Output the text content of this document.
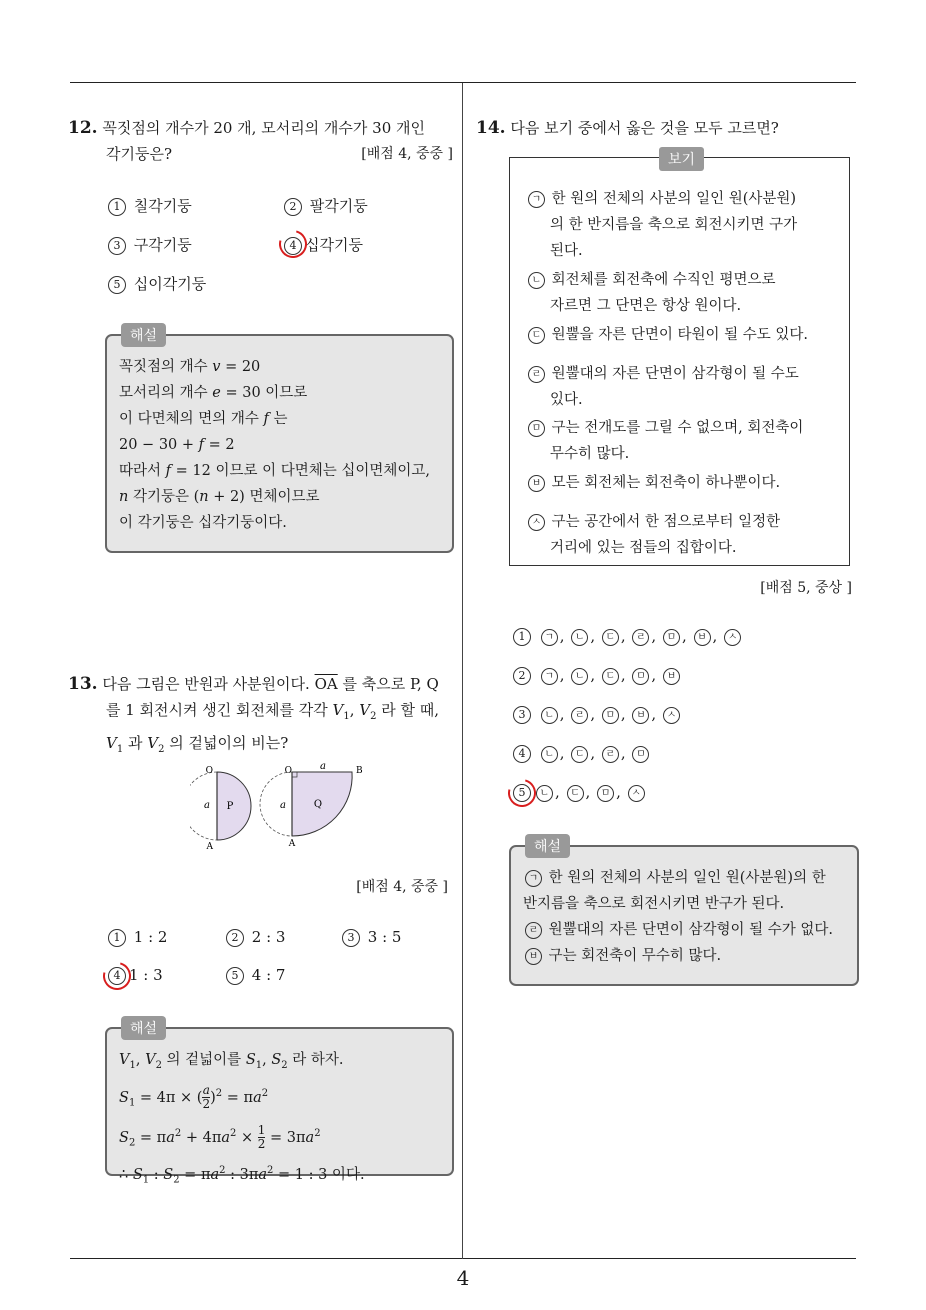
4
12. 꼭짓점의 개수가 20 개, 모서리의 개수가 30 개인
각기둥은?	[배점 4, 중중 ]
1 칠각기둥	2 팔각기둥
3 구각기둥	4 십각기둥
5 십이각기둥
해설
꼭짓점의 개수 v = 20
모서리의 개수 e = 30 이므로
이 다면체의 면의 개수 f 는
20 − 30 + f = 2
따라서 f = 12 이므로 이 다면체는 십이면체이고,
n 각기둥은 (n + 2) 면체이므로
이 각기둥은 십각기둥이다.
13. 다음 그림은 반원과 사분원이다. $\overline{OA}$ 를 축으로 P, Q
를 1 회전시켜 생긴 회전체를 각각 $V_1$, $V_2$ 라 할 때,
$V_1$ 과 $V_2$ 의 겉넓이의 비는?
O
A
a P
O
A
B
a
a	Q
[배점 4, 중중 ]
1 1 : 2	2 2 : 3	3 3 : 5
4 1 : 3	5 4 : 7
해설
$V_1$, $V_2$ 의 겉넓이를 $S_1$, $S_2$ 라 하자.
$S_1 = 4\pi \times (\frac{a}{2} )^2 = \pi a^2$
$S_2 = \pi a^2 + 4\pi a^2 \times 1$

$2 = 3\pi a^2$
∴ $S_1$ : $S_2 = \pi a^2$ : $3\pi a^2 = 1$ : 3 이다.
14. 다음 보기 중에서 옳은 것을 모두 고르면?
보기
ㄱ 한 원의 전체의 사분의 일인 원(사분원)
의 한 반지름을 축으로 회전시키면 구가
된다.
ㄴ 회전체를 회전축에 수직인 평면으로
자르면 그 단면은 항상 원이다.
ㄷ 원뿔을 자른 단면이 타원이 될 수도 있다.
ㄹ 원뿔대의 자른 단면이 삼각형이 될 수도
있다.
ㅁ 구는 전개도를 그릴 수 없으며, 회전축이
무수히 많다.
ㅂ 모든 회전체는 회전축이 하나뿐이다.
ㅅ 구는 공간에서 한 점으로부터 일정한
거리에 있는 점들의 집합이다.
[배점 5, 중상 ]
1 ㄱ , ㄴ , ㄷ , ㄹ , ㅁ , ㅂ , ㅅ
2 ㄱ , ㄴ , ㄷ , ㅁ , ㅂ
3 ㄴ , ㄹ , ㅁ , ㅂ , ㅅ
4 ㄴ , ㄷ , ㄹ , ㅁ
5 ㄴ , ㄷ , ㅁ , ㅅ
해설
ㄱ 한 원의 전체의 사분의 일인 원(사분원)의 한
반지름을 축으로 회전시키면 반구가 된다.
ㄹ 원뿔대의 자른 단면이 삼각형이 될 수가 없다.
ㅂ 구는 회전축이 무수히 많다.
